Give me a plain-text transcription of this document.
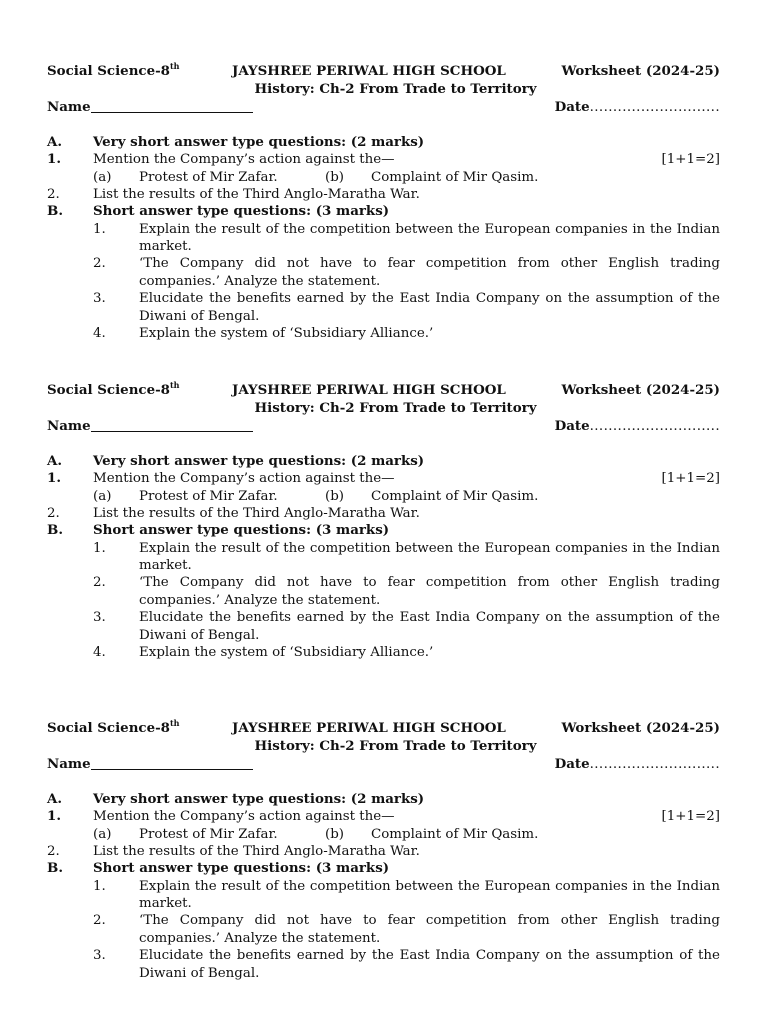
Social Science-8th	JAYSHREE PERIWAL HIGH SCHOOL	Worksheet (2024-25)
History: Ch-2 From Trade to Territory
Name	Date............................
A. Very short answer type questions: (2 marks)
1. Mention the Company’s action against the—	[1+1=2]
(a) Protest of Mir Zafar.	(b) Complaint of Mir Qasim.
2. List the results of the Third Anglo-Maratha War.
B. Short answer type questions: (3 marks)
1. Explain the result of the competition between the European companies in the Indian market.
2. ‘The Company did not have to fear competition from other English trading companies.’ Analyze the statement.
3. Elucidate the benefits earned by the East India Company on the assumption of the Diwani of Bengal.
4. Explain the system of ‘Subsidiary Alliance.’
Social Science-8th	JAYSHREE PERIWAL HIGH SCHOOL	Worksheet (2024-25)
History: Ch-2 From Trade to Territory
Name	Date............................
A. Very short answer type questions: (2 marks)
1. Mention the Company’s action against the—	[1+1=2]
(a) Protest of Mir Zafar.	(b) Complaint of Mir Qasim.
2. List the results of the Third Anglo-Maratha War.
B. Short answer type questions: (3 marks)
1. Explain the result of the competition between the European companies in the Indian market.
2. ‘The Company did not have to fear competition from other English trading companies.’ Analyze the statement.
3. Elucidate the benefits earned by the East India Company on the assumption of the Diwani of Bengal.
4. Explain the system of ‘Subsidiary Alliance.’
Social Science-8th	JAYSHREE PERIWAL HIGH SCHOOL	Worksheet (2024-25)
History: Ch-2 From Trade to Territory
Name	Date............................
A. Very short answer type questions: (2 marks)
1. Mention the Company’s action against the—	[1+1=2]
(a) Protest of Mir Zafar.	(b) Complaint of Mir Qasim.
2. List the results of the Third Anglo-Maratha War.
B. Short answer type questions: (3 marks)
1. Explain the result of the competition between the European companies in the Indian market.
2. ‘The Company did not have to fear competition from other English trading companies.’ Analyze the statement.
3. Elucidate the benefits earned by the East India Company on the assumption of the Diwani of Bengal.
